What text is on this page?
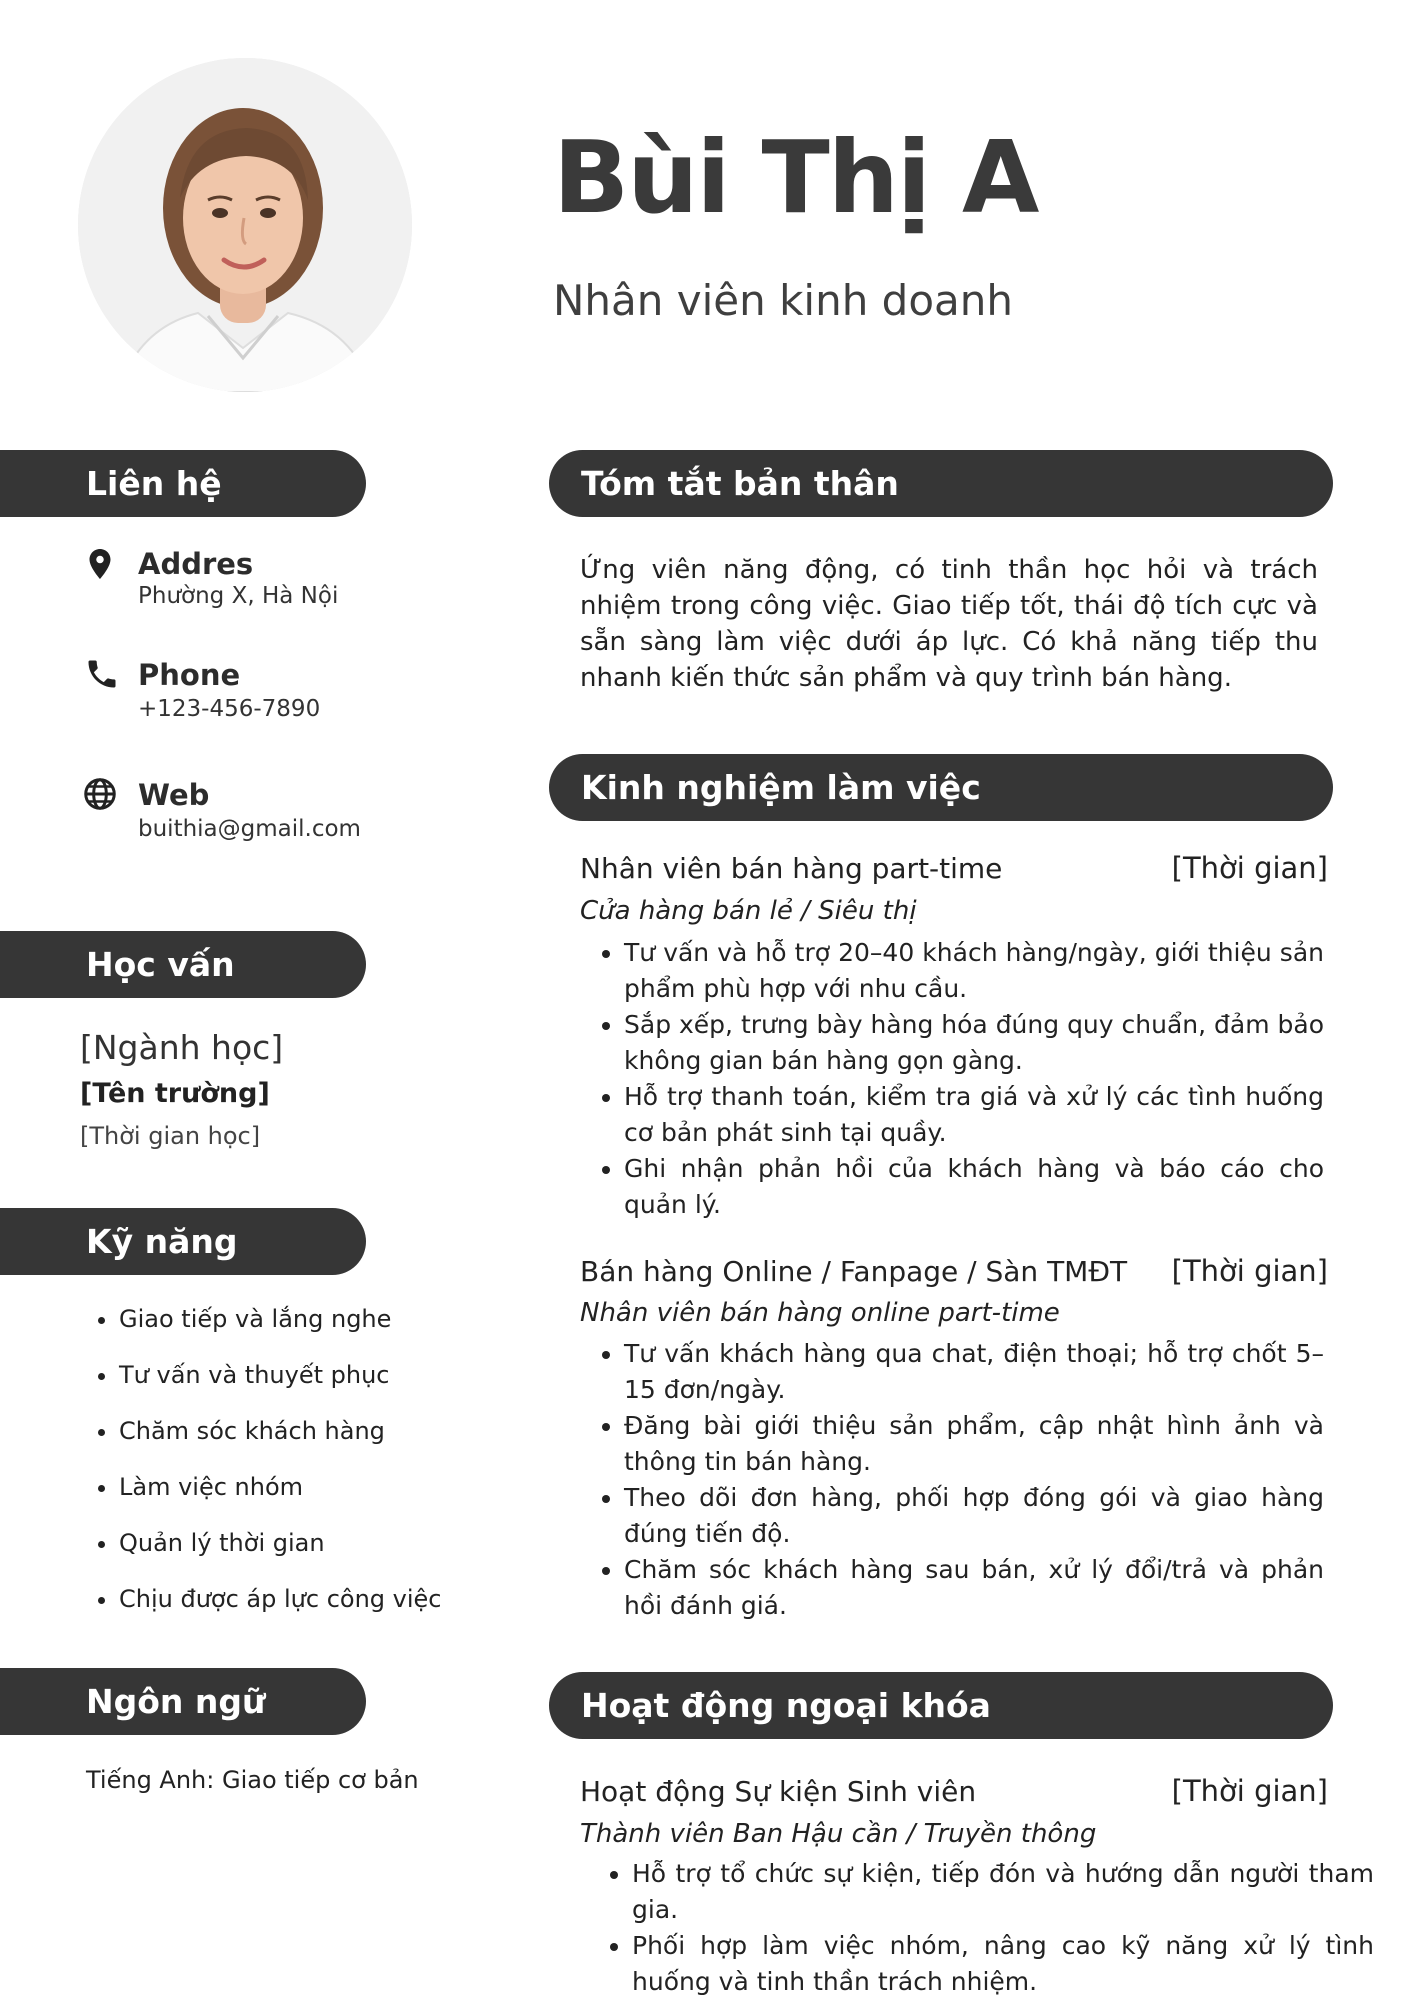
Bùi Thị A
Nhân viên kinh doanh
Liên hệ
Addres
Phường X, Hà Nội
Phone
+123-456-7890
Web
buithia@gmail.com
Học vấn
[Ngành học]
[Tên trường]
[Thời gian học]
Kỹ năng
• Giao tiếp và lắng nghe
• Tư vấn và thuyết phục
• Chăm sóc khách hàng
• Làm việc nhóm
• Quản lý thời gian
• Chịu được áp lực công việc
Ngôn ngữ
Tiếng Anh: Giao tiếp cơ bản
Tóm tắt bản thân
Ứng viên năng động, có tinh thần học hỏi và trách nhiệm trong công việc. Giao tiếp tốt, thái độ tích cực và sẵn sàng làm việc dưới áp lực. Có khả năng tiếp thu nhanh kiến thức sản phẩm và quy trình bán hàng.
Kinh nghiệm làm việc
Nhân viên bán hàng part-time	[Thời gian]
Cửa hàng bán lẻ / Siêu thị
• Tư vấn và hỗ trợ 20–40 khách hàng/ngày, giới thiệu sản phẩm phù hợp với nhu cầu.
• Sắp xếp, trưng bày hàng hóa đúng quy chuẩn, đảm bảo không gian bán hàng gọn gàng.
• Hỗ trợ thanh toán, kiểm tra giá và xử lý các tình huống cơ bản phát sinh tại quầy.
• Ghi nhận phản hồi của khách hàng và báo cáo cho quản lý.
Bán hàng Online / Fanpage / Sàn TMĐT [Thời gian]
Nhân viên bán hàng online part-time
• Tư vấn khách hàng qua chat, điện thoại; hỗ trợ chốt 5–15 đơn/ngày.
• Đăng bài giới thiệu sản phẩm, cập nhật hình ảnh và thông tin bán hàng.
• Theo dõi đơn hàng, phối hợp đóng gói và giao hàng đúng tiến độ.
• Chăm sóc khách hàng sau bán, xử lý đổi/trả và phản hồi đánh giá.
Hoạt động ngoại khóa
Hoạt động Sự kiện Sinh viên	[Thời gian]
Thành viên Ban Hậu cần / Truyền thông
• Hỗ trợ tổ chức sự kiện, tiếp đón và hướng dẫn người tham gia.
• Phối hợp làm việc nhóm, nâng cao kỹ năng xử lý tình huống và tinh thần trách nhiệm.
